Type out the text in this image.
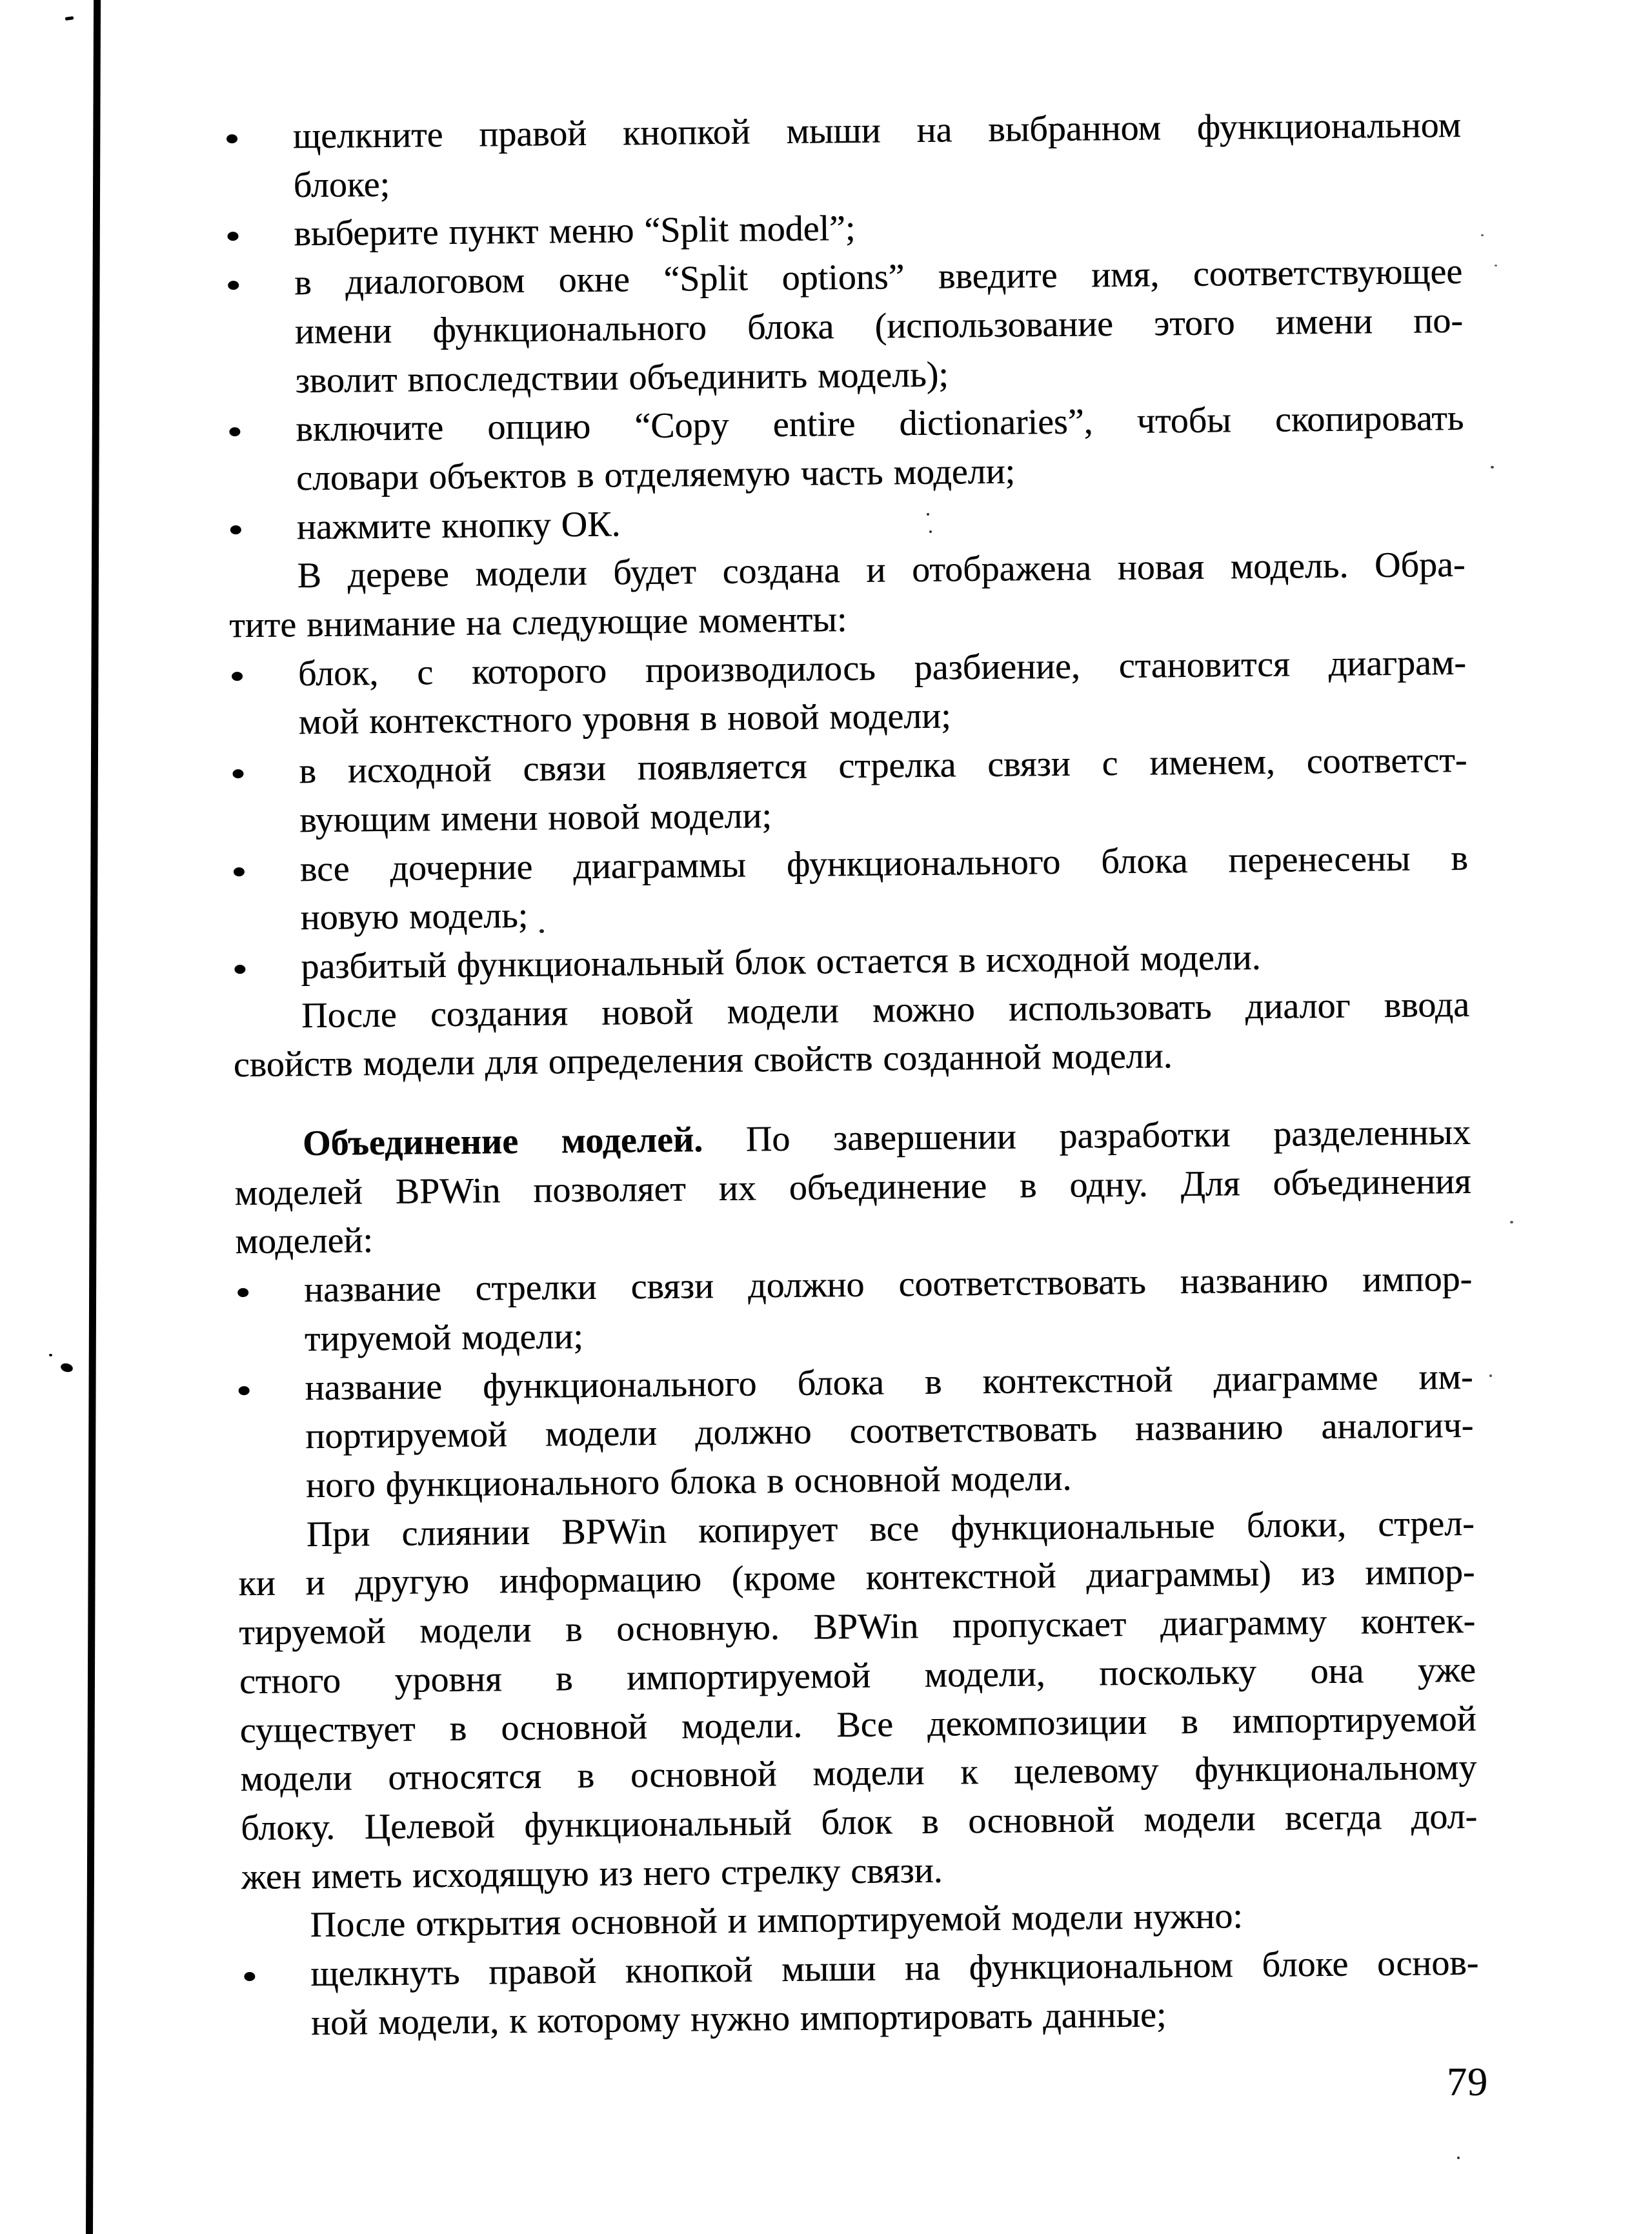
щелкните правой кнопкой мыши на выбранном функциональном
блоке;
выберите пункт меню “Split model”;
в диалоговом окне “Split options” введите имя, соответствующее
имени функционального блока (использование этого имени по-
зволит впоследствии объединить модель);
включите опцию “Copy entire dictionaries”, чтобы скопировать
словари объектов в отделяемую часть модели;
нажмите кнопку ОК.
В дереве модели будет создана и отображена новая модель. Обра-
тите внимание на следующие моменты:
блок, с которого производилось разбиение, становится диаграм-
мой контекстного уровня в новой модели;
в исходной связи появляется стрелка связи с именем, соответст-
вующим имени новой модели;
все дочерние диаграммы функционального блока перенесены в
новую модель;
разбитый функциональный блок остается в исходной модели.
После создания новой модели можно использовать диалог ввода
свойств модели для определения свойств созданной модели.
Объединение моделей. По завершении разработки разделенных
моделей BPWin позволяет их объединение в одну. Для объединения
моделей:
название стрелки связи должно соответствовать названию импор-
тируемой модели;
название функционального блока в контекстной диаграмме им-
портируемой модели должно соответствовать названию аналогич-
ного функционального блока в основной модели.
При слиянии BPWin копирует все функциональные блоки, стрел-
ки и другую информацию (кроме контекстной диаграммы) из импор-
тируемой модели в основную. BPWin пропускает диаграмму контек-
стного уровня в импортируемой модели, поскольку она уже
существует в основной модели. Все декомпозиции в импортируемой
модели относятся в основной модели к целевому функциональному
блоку. Целевой функциональный блок в основной модели всегда дол-
жен иметь исходящую из него стрелку связи.
После открытия основной и импортируемой модели нужно:
щелкнуть правой кнопкой мыши на функциональном блоке основ-
ной модели, к которому нужно импортировать данные;
79
